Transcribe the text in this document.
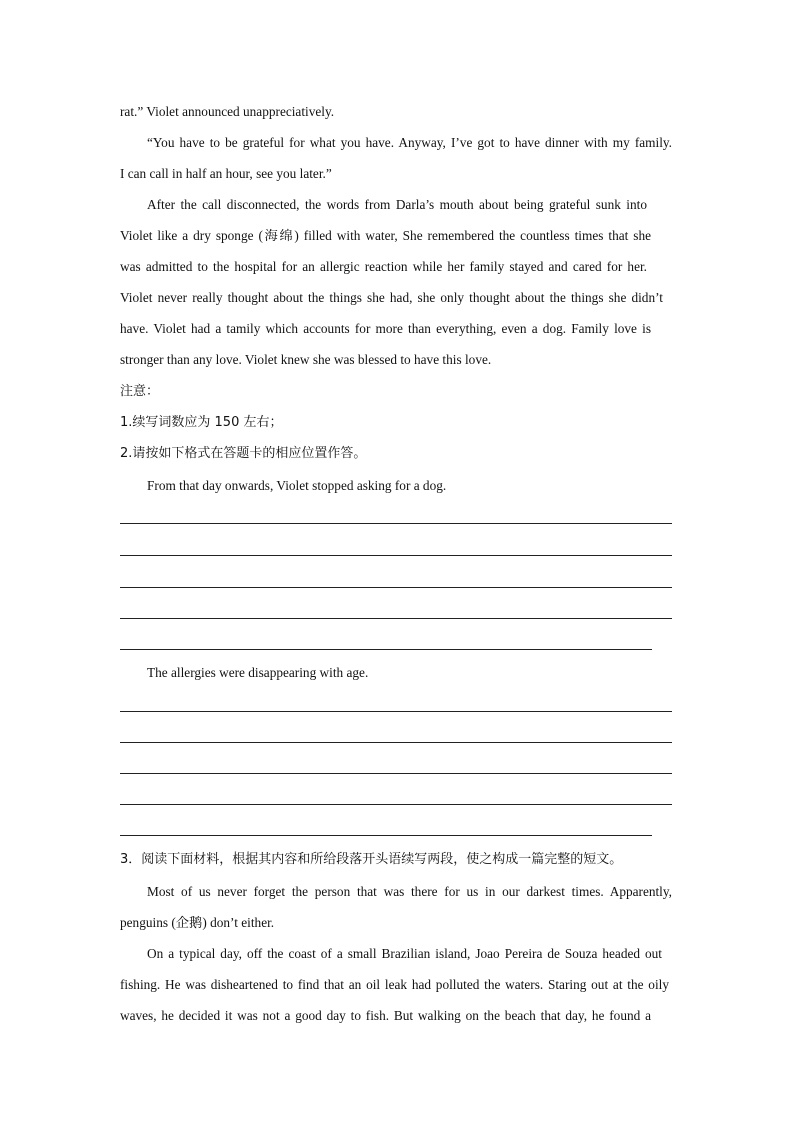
rat.” Violet announced unappreciatively.
“You have to be grateful for what you have. Anyway, I’ve got to have dinner with my family.
I can call in half an hour, see you later.”
After the call disconnected, the words from Darla’s mouth about being grateful sunk into
Violet like a dry sponge (海绵) filled with water, She remembered the countless times that she
was admitted to the hospital for an allergic reaction while her family stayed and cared for her.
Violet never really thought about the things she had, she only thought about the things she didn’t
have. Violet had a tamily which accounts for more than everything, even a dog. Family love is
stronger than any love. Violet knew she was blessed to have this love.
注意：
1.续写词数应为 150 左右；
2.请按如下格式在答题卡的相应位置作答。
From that day onwards, Violet stopped asking for a dog.
The allergies were disappearing with age.
3．阅读下面材料，根据其内容和所给段落开头语续写两段，使之构成一篇完整的短文。
Most of us never forget the person that was there for us in our darkest times. Apparently,
penguins (企鹅) don’t either.
On a typical day, off the coast of a small Brazilian island, Joao Pereira de Souza headed out
fishing. He was disheartened to find that an oil leak had polluted the waters. Staring out at the oily
waves, he decided it was not a good day to fish. But walking on the beach that day, he found a
